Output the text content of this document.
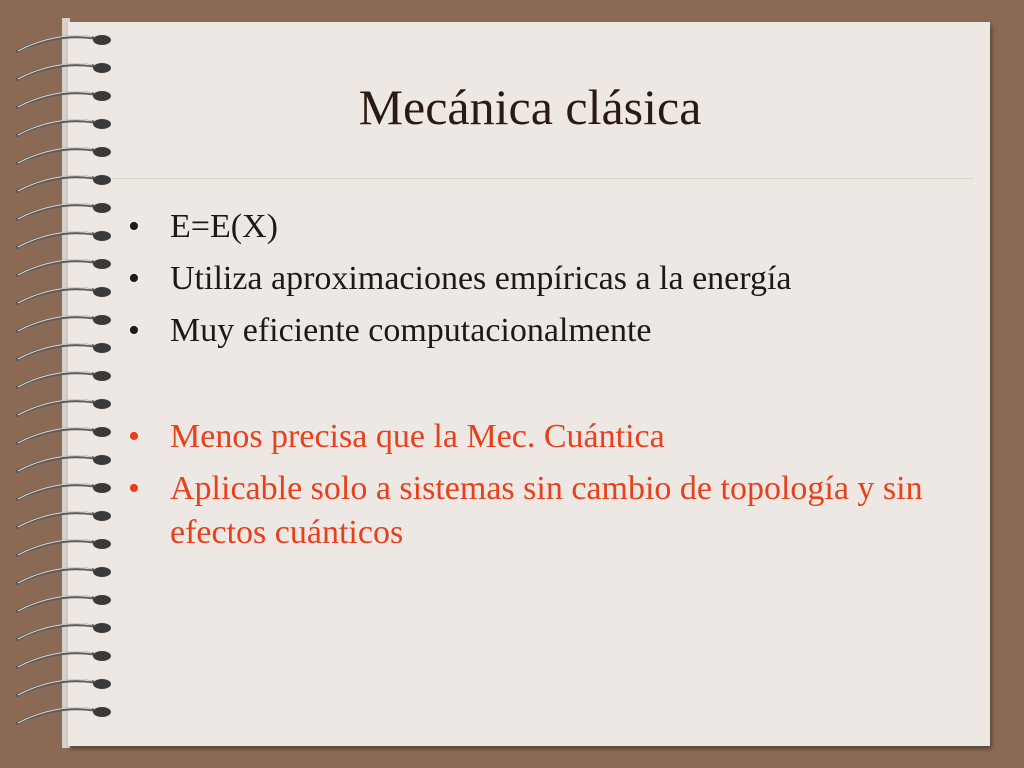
Mecánica clásica
• E=E(X)
• Utiliza aproximaciones empíricas a la energía
• Muy eficiente computacionalmente
• Menos precisa que la Mec. Cuántica
• Aplicable solo a sistemas sin cambio de topología y sin efectos cuánticos
